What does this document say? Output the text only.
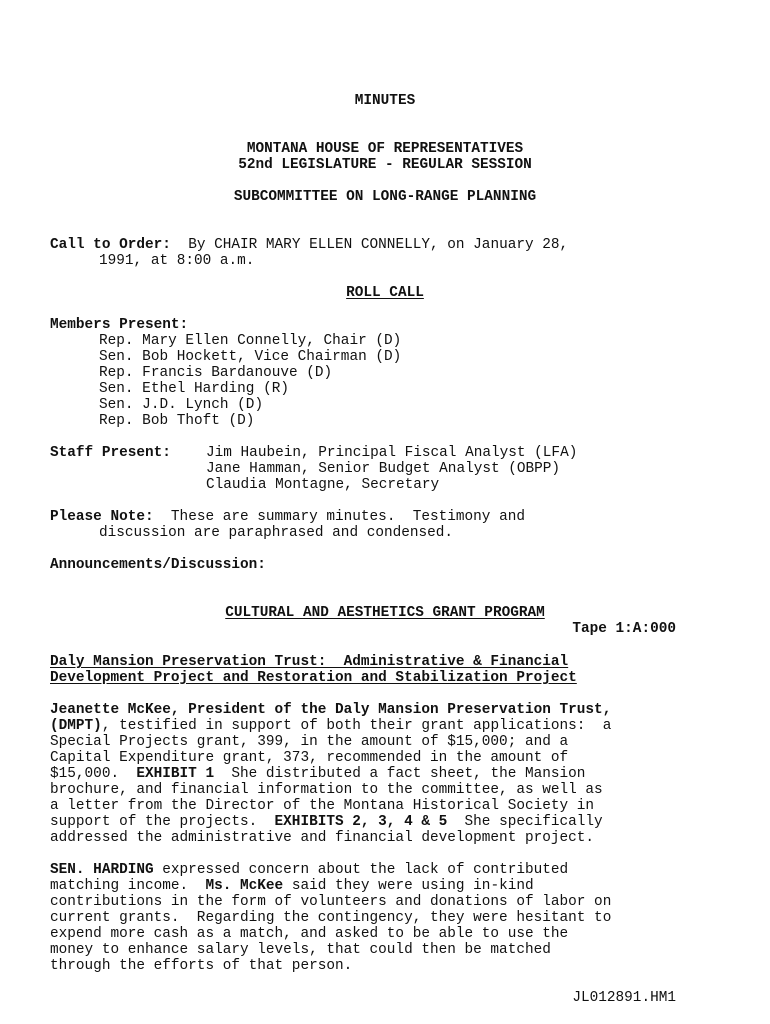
MINUTES
MONTANA HOUSE OF REPRESENTATIVES
52nd LEGISLATURE - REGULAR SESSION
SUBCOMMITTEE ON LONG-RANGE PLANNING
Call to Order: By CHAIR MARY ELLEN CONNELLY, on January 28,
1991, at 8:00 a.m.
ROLL CALL
Members Present:
Rep. Mary Ellen Connelly, Chair (D)
Sen. Bob Hockett, Vice Chairman (D)
Rep. Francis Bardanouve (D)
Sen. Ethel Harding (R)
Sen. J.D. Lynch (D)
Rep. Bob Thoft (D)
Staff Present: Jim Haubein, Principal Fiscal Analyst (LFA)
Jane Hamman, Senior Budget Analyst (OBPP)
Claudia Montagne, Secretary
Please Note: These are summary minutes.  Testimony and
discussion are paraphrased and condensed.
Announcements/Discussion:
CULTURAL AND AESTHETICS GRANT PROGRAM
Tape 1:A:000
Daly Mansion Preservation Trust:  Administrative & Financial
Development Project and Restoration and Stabilization Project
Jeanette McKee, President of the Daly Mansion Preservation Trust,
(DMPT), testified in support of both their grant applications:  a
Special Projects grant, 399, in the amount of $15,000; and a
Capital Expenditure grant, 373, recommended in the amount of
$15,000.  EXHIBIT 1  She distributed a fact sheet, the Mansion
brochure, and financial information to the committee, as well as
a letter from the Director of the Montana Historical Society in
support of the projects.  EXHIBITS 2, 3, 4 & 5  She specifically
addressed the administrative and financial development project.
SEN. HARDING expressed concern about the lack of contributed
matching income.  Ms. McKee said they were using in-kind
contributions in the form of volunteers and donations of labor on
current grants.  Regarding the contingency, they were hesitant to
expend more cash as a match, and asked to be able to use the
money to enhance salary levels, that could then be matched
through the efforts of that person.
JL012891.HM1
